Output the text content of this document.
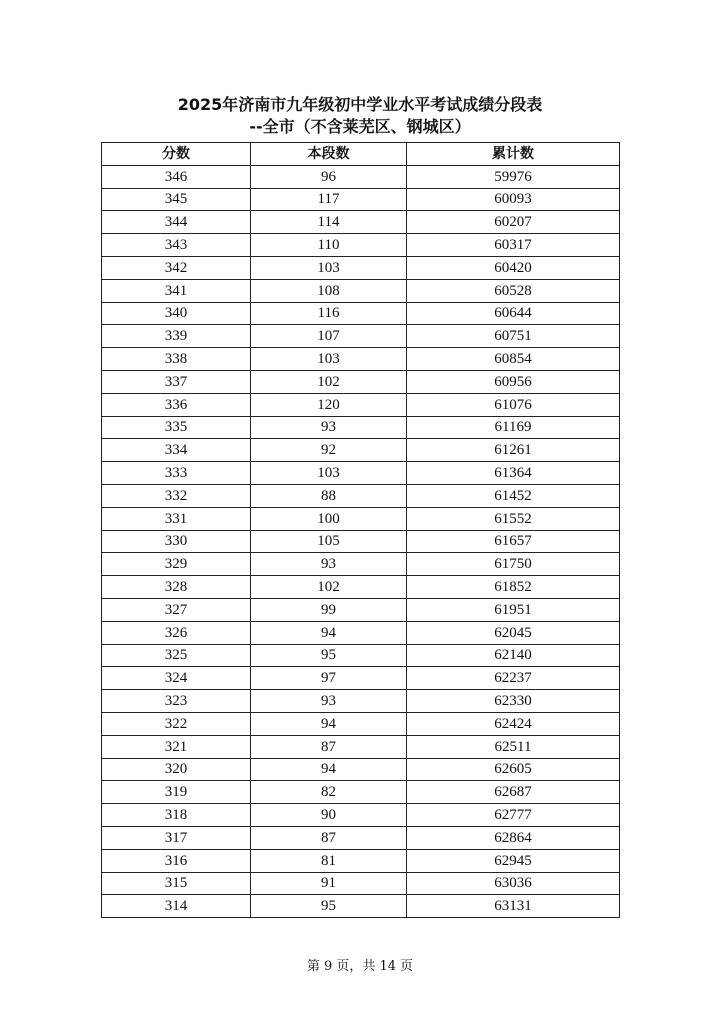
2025年济南市九年级初中学业水平考试成绩分段表
--全市（不含莱芜区、钢城区）
分数	本段数	累计数
346	96	59976
345	117	60093
344	114	60207
343	110	60317
342	103	60420
341	108	60528
340	116	60644
339	107	60751
338	103	60854
337	102	60956
336	120	61076
335	93	61169
334	92	61261
333	103	61364
332	88	61452
331	100	61552
330	105	61657
329	93	61750
328	102	61852
327	99	61951
326	94	62045
325	95	62140
324	97	62237
323	93	62330
322	94	62424
321	87	62511
320	94	62605
319	82	62687
318	90	62777
317	87	62864
316	81	62945
315	91	63036
314	95	63131
第 9 页，共 14 页
